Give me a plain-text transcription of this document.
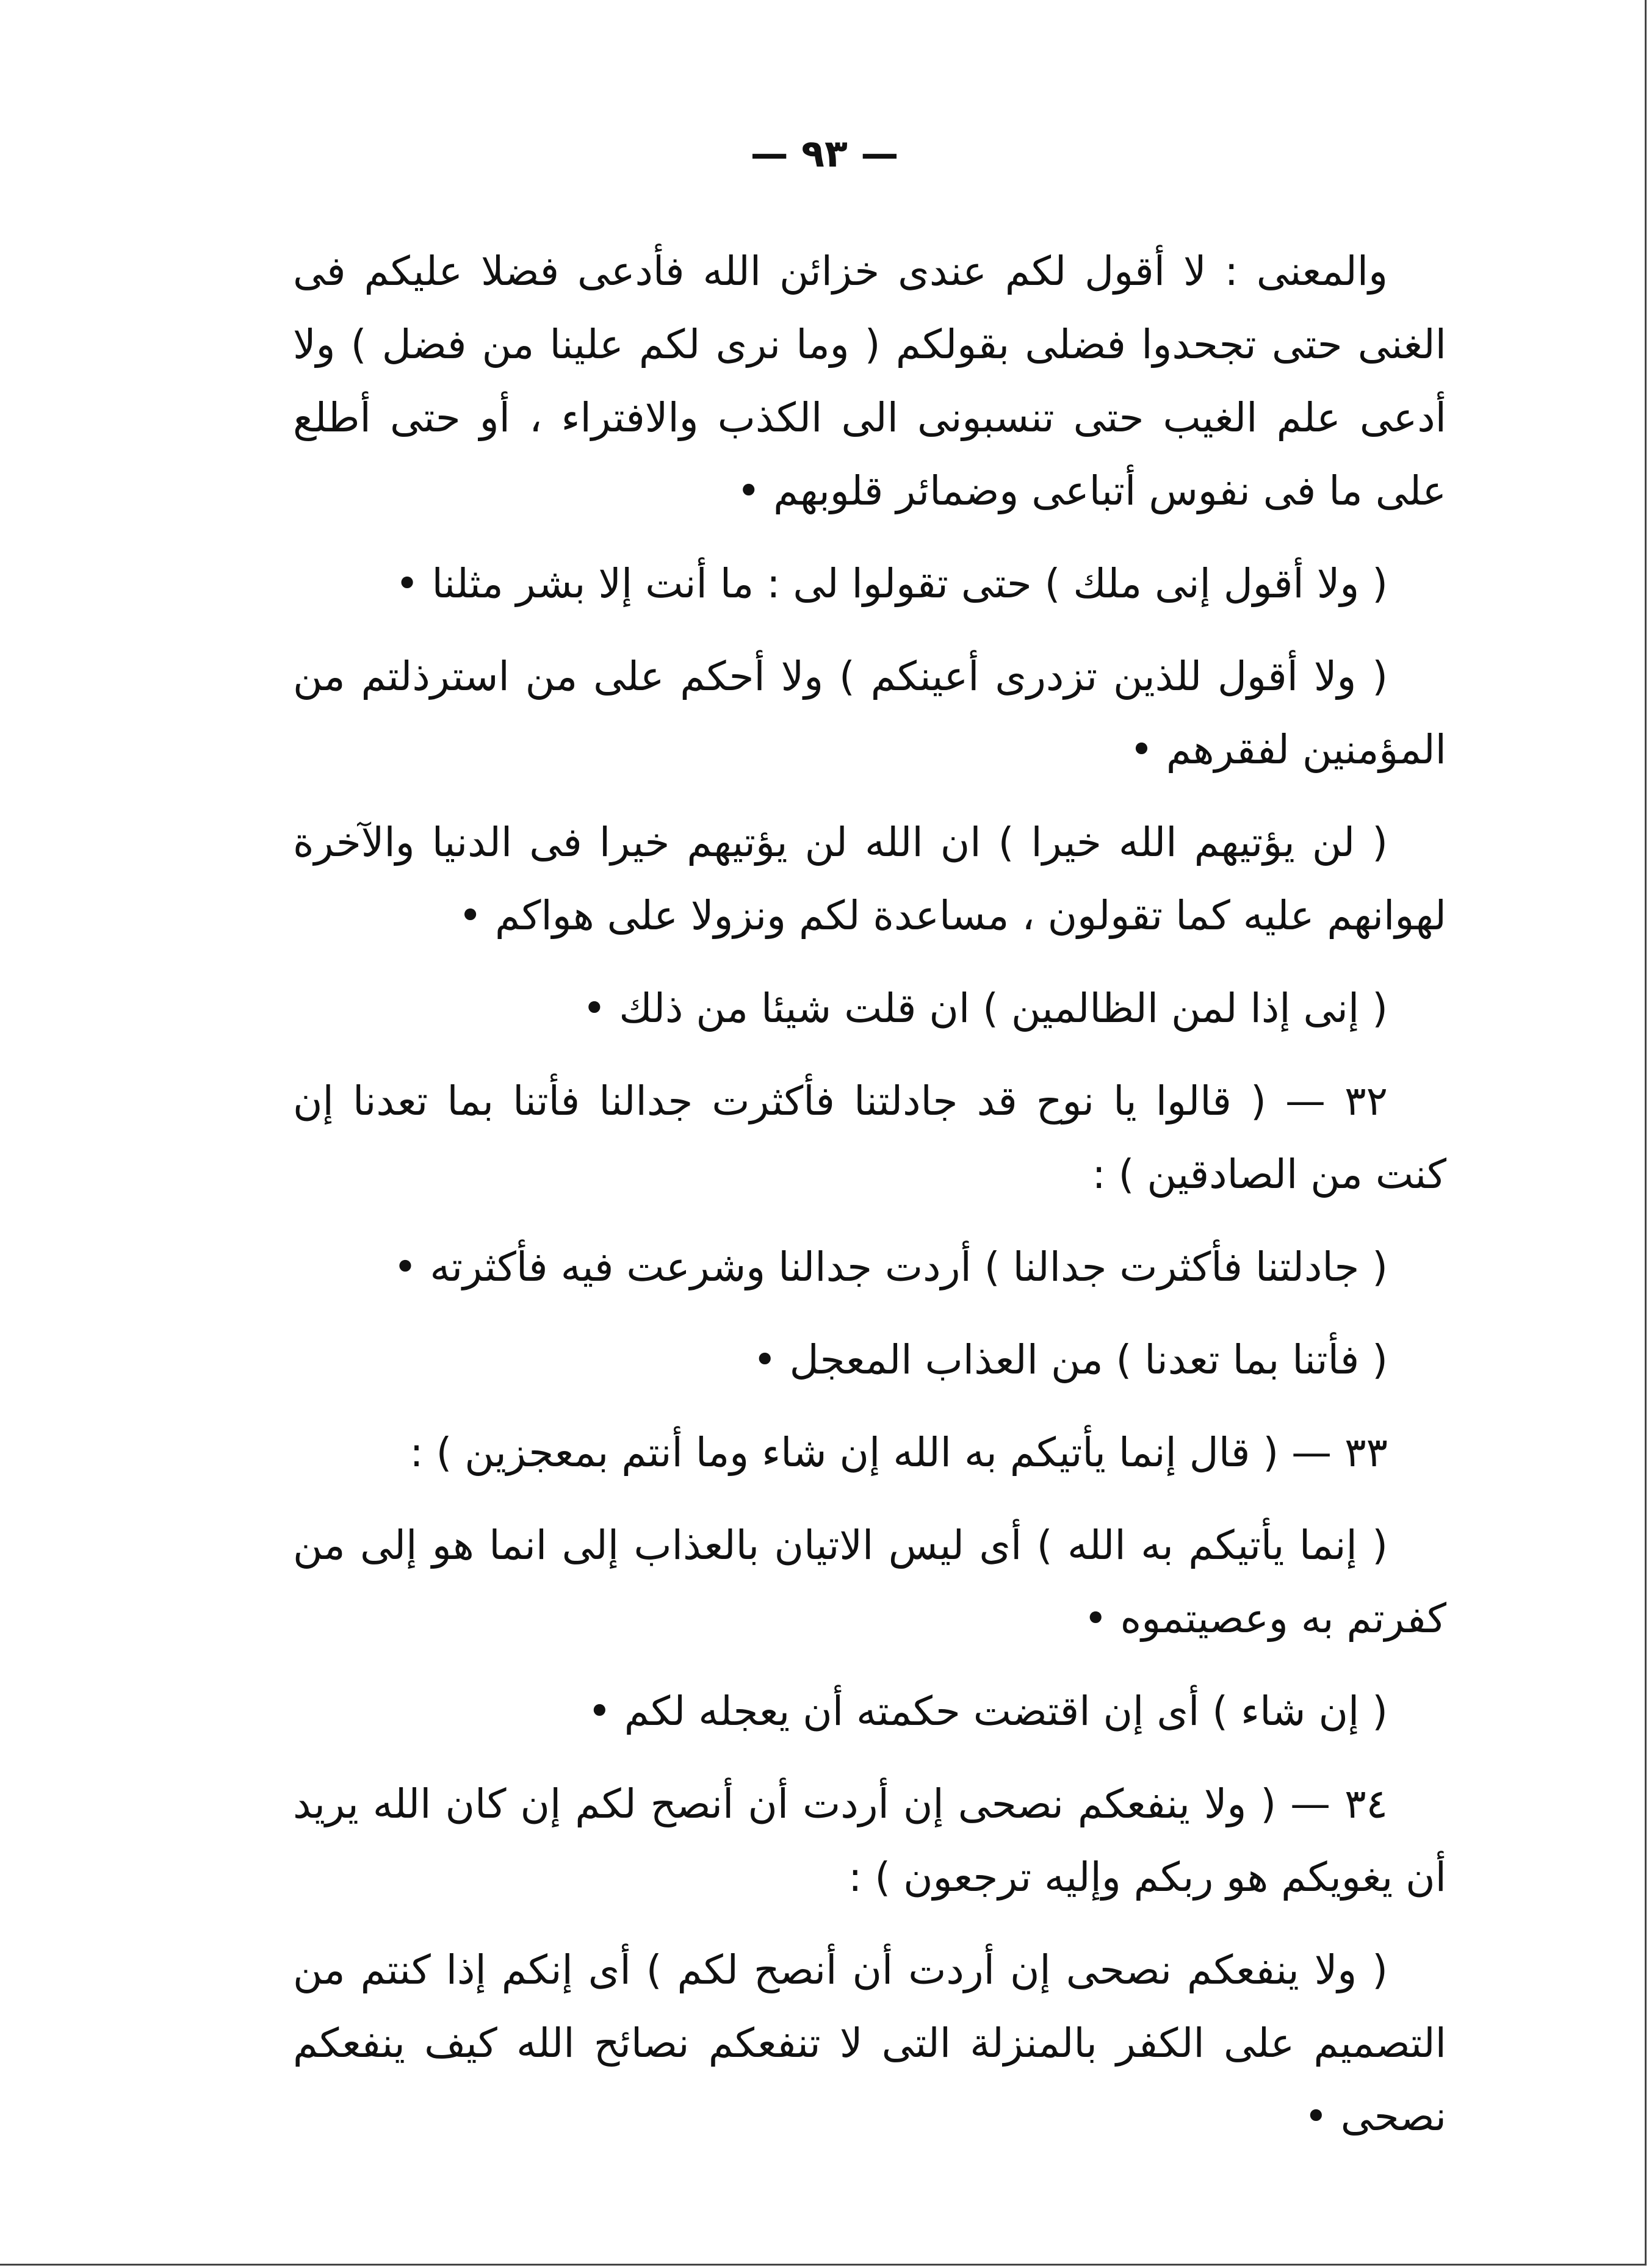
— ٩٣ —

والمعنى : لا أقول لكم عندى خزائن الله فأدعى فضلا عليكم فى الغنى حتى تجحدوا فضلى بقولكم ( وما نرى لكم علينا من فضل ) ولا أدعى علم الغيب حتى تنسبونى الى الكذب والافتراء ، أو حتى أطلع على ما فى نفوس أتباعى وضمائر قلوبهم •

( ولا أقول إنى ملك ) حتى تقولوا لى : ما أنت إلا بشر مثلنا •

( ولا أقول للذين تزدرى أعينكم ) ولا أحكم على من استرذلتم من المؤمنين لفقرهم •

( لن يؤتيهم الله خيرا ) ان الله لن يؤتيهم خيرا فى الدنيا والآخرة لهوانهم عليه كما تقولون ، مساعدة لكم ونزولا على هواكم •

( إنى إذا لمن الظالمين ) ان قلت شيئا من ذلك •

٣٢ — ( قالوا يا نوح قد جادلتنا فأكثرت جدالنا فأتنا بما تعدنا إن كنت من الصادقين ) :

( جادلتنا فأكثرت جدالنا ) أردت جدالنا وشرعت فيه فأكثرته •

( فأتنا بما تعدنا ) من العذاب المعجل •

٣٣ — ( قال إنما يأتيكم به الله إن شاء وما أنتم بمعجزين ) :

( إنما يأتيكم به الله ) أى ليس الاتيان بالعذاب إلى انما هو إلى من كفرتم به وعصيتموه •

( إن شاء ) أى إن اقتضت حكمته أن يعجله لكم •

٣٤ — ( ولا ينفعكم نصحى إن أردت أن أنصح لكم إن كان الله يريد أن يغويكم هو ربكم وإليه ترجعون ) :

( ولا ينفعكم نصحى إن أردت أن أنصح لكم ) أى إنكم إذا كنتم من التصميم على الكفر بالمنزلة التى لا تنفعكم نصائح الله كيف ينفعكم نصحى •
